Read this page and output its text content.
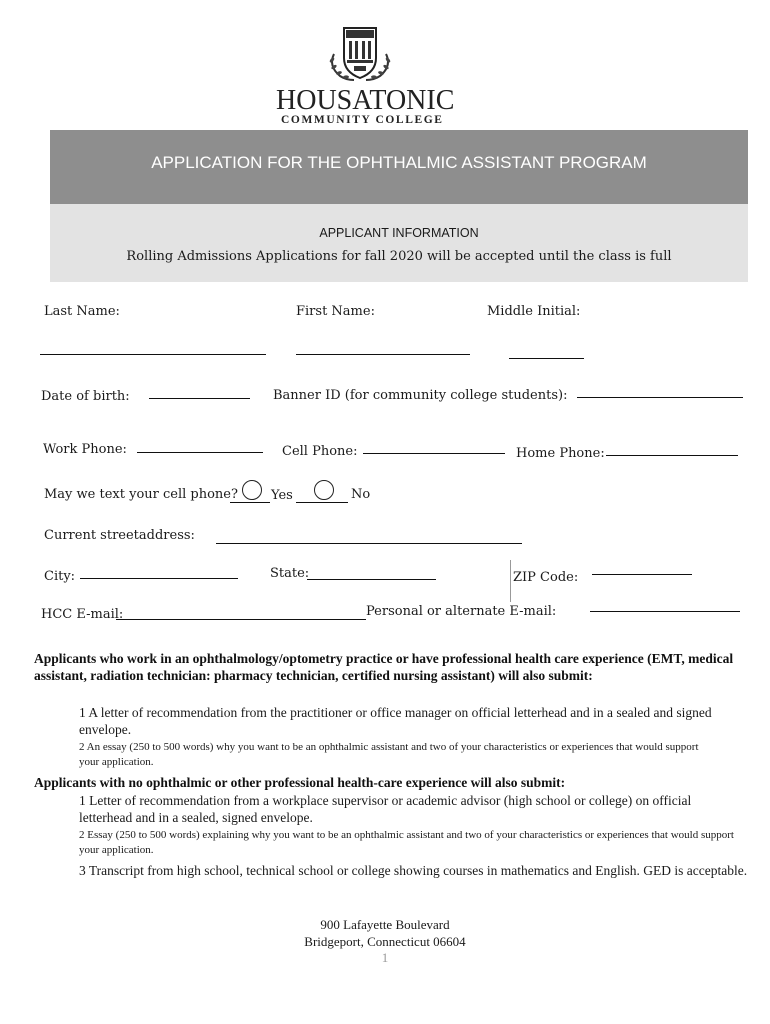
HOUSATONIC
COMMUNITY COLLEGE
APPLICATION FOR THE OPHTHALMIC ASSISTANT PROGRAM
APPLICANT INFORMATION
Rolling Admissions Applications for fall 2020 will be accepted until the class is full
Last Name:	First Name:	Middle Initial:
Date of birth:	Banner ID (for community college students):
Work Phone:	Cell Phone:	Home Phone:
May we text your cell phone?	Yes	No
Current streetaddress:
City:	State:	ZIP Code:
HCC E-mail:	Personal or alternate E-mail:
Applicants who work in an ophthalmology/optometry practice or have professional health care experience (EMT, medical assistant, radiation technician: pharmacy technician, certified nursing assistant) will also submit:
1 A letter of recommendation from the practitioner or office manager on official letterhead and in a sealed and signed envelope.
2 An essay (250 to 500 words) why you want to be an ophthalmic assistant and two of your characteristics or experiences that would support your application.
Applicants with no ophthalmic or other professional health-care experience will also submit:
1 Letter of recommendation from a workplace supervisor or academic advisor (high school or college) on official letterhead and in a sealed, signed envelope.
2 Essay (250 to 500 words) explaining why you want to be an ophthalmic assistant and two of your characteristics or experiences that would support your application.
3 Transcript from high school, technical school or college showing courses in mathematics and English. GED is acceptable.
900 Lafayette Boulevard
Bridgeport, Connecticut 06604
1
